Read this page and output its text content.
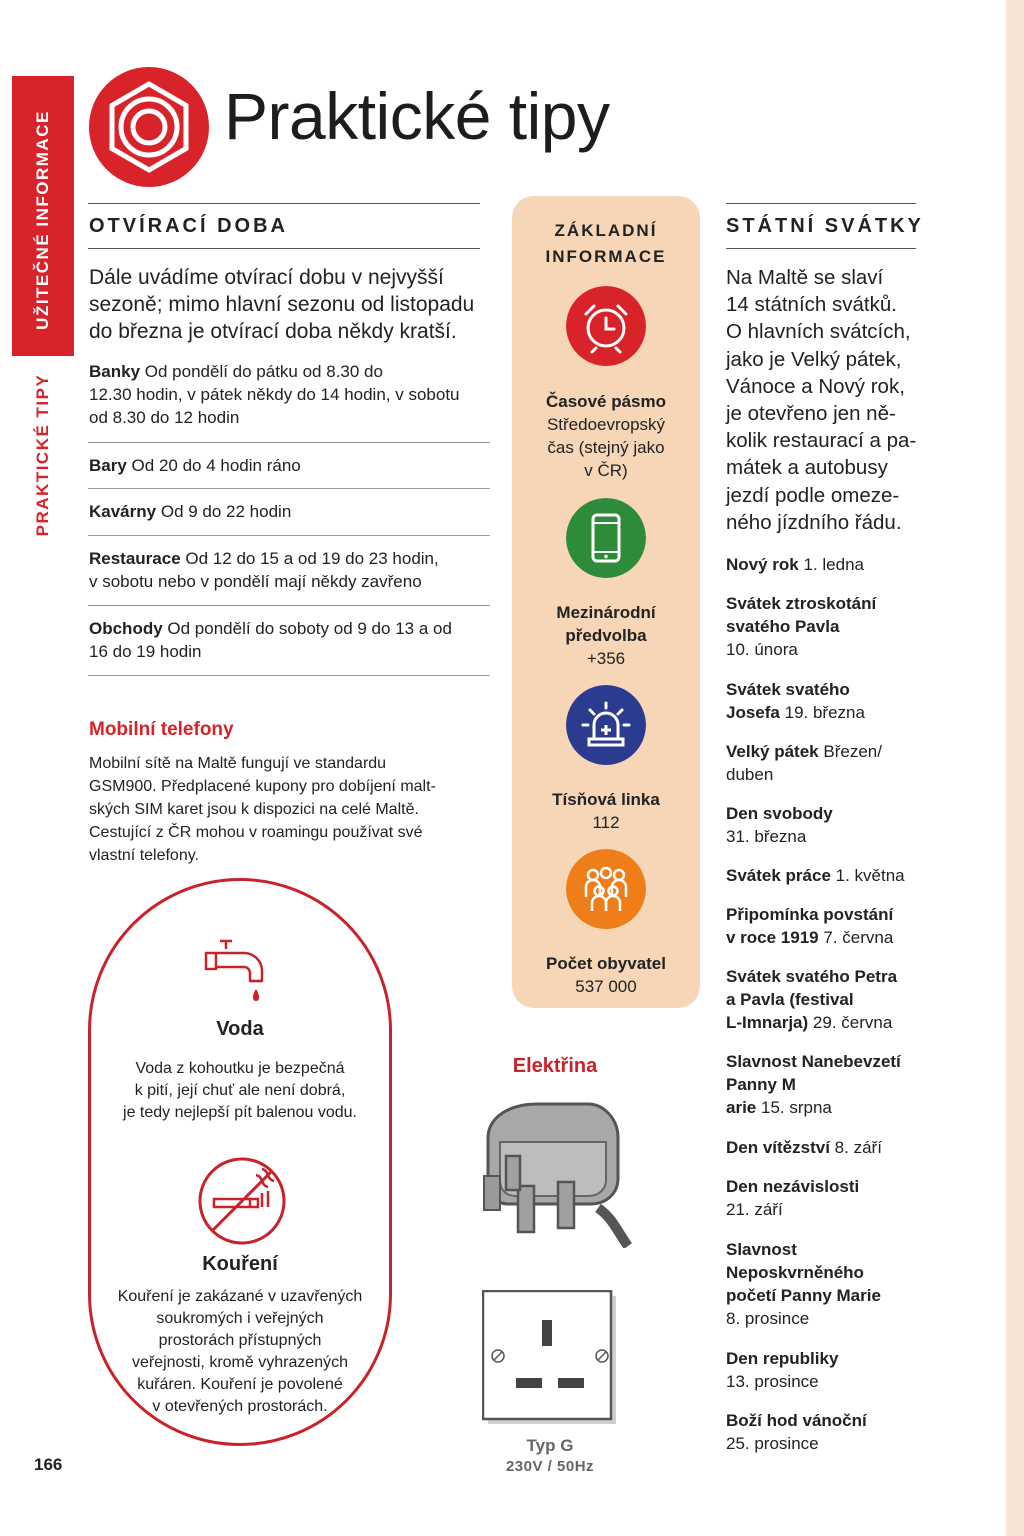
UŽITEČNÉ INFORMACE
PRAKTICKÉ TIPY
Praktické tipy
OTVÍRACÍ DOBA
Dále uvádíme otvírací dobu v nejvyšší
sezoně; mimo hlavní sezonu od listopadu
do března je otvírací doba někdy kratší.
Banky Od pondělí do pátku od 8.30 do
12.30 hodin, v pátek někdy do 14 hodin, v sobotu
od 8.30 do 12 hodin
Bary Od 20 do 4 hodin ráno
Kavárny Od 9 do 22 hodin
Restaurace Od 12 do 15 a od 19 do 23 hodin,
v sobotu nebo v pondělí mají někdy zavřeno
Obchody Od pondělí do soboty od 9 do 13 a od
16 do 19 hodin
Mobilní telefony
Mobilní sítě na Maltě fungují ve standardu
GSM900. Předplacené kupony pro dobíjení malt-
ských SIM karet jsou k dispozici na celé Maltě.
Cestující z ČR mohou v roamingu používat své
vlastní telefony.
ZÁKLADNÍ
INFORMACE
Časové pásmo
Středoevropský
čas (stejný jako
v ČR)
Mezinárodní
předvolba
+356
Tísňová linka
112
Počet obyvatel
537 000
Voda
Voda z kohoutku je bezpečná
k pití, její chuť ale není dobrá,
je tedy nejlepší pít balenou vodu.
Kouření
Kouření je zakázané v uzavřených
soukromých i veřejných
prostorách přístupných
veřejnosti, kromě vyhrazených
kuřáren. Kouření je povolené
v otevřených prostorách.
Elektřina
Typ G
230V / 50Hz
STÁTNÍ SVÁTKY
Na Maltě se slaví
14 státních svátků.
O hlavních svátcích,
jako je Velký pátek,
Vánoce a Nový rok,
je otevřeno jen ně-
kolik restaurací a pa-
mátek a autobusy
jezdí podle omeze-
ného jízdního řádu.
Nový rok 1. ledna
Svátek ztroskotání
svatého Pavla
10. února
Svátek svatého
Josefa 19. března
Velký pátek Březen/
duben
Den svobody
31. března
Svátek práce 1. května
Připomínka povstání
v roce 1919 7. června
Svátek svatého Petra
a Pavla (festival
L-Imnarja) 29. června
Slavnost Nanebevzetí
Panny M
arie 15. srpna
Den vítězství 8. září
Den nezávislosti
21. září
Slavnost
Neposkvrněného
početí Panny Marie
8. prosince
Den republiky
13. prosince
Boží hod vánoční
25. prosince
166
